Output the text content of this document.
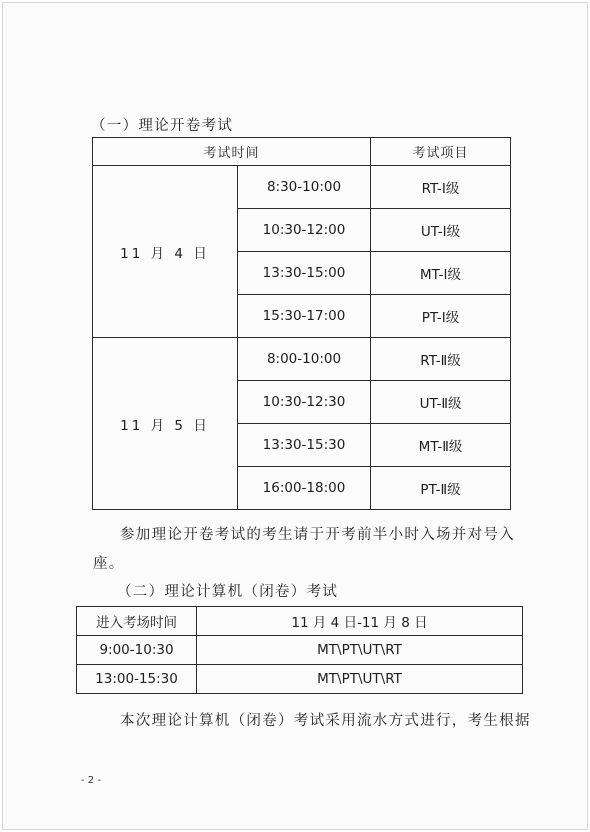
（一）理论开卷考试
考试时间		考试项目
11 月 4 日	8:30-10:00	RT-Ⅰ级
	10:30-12:00	UT-Ⅰ级
	13:30-15:00	MT-Ⅰ级
	15:30-17:00	PT-Ⅰ级
11 月 5 日	8:00-10:00	RT-Ⅱ级
	10:30-12:30	UT-Ⅱ级
	13:30-15:30	MT-Ⅱ级
	16:00-18:00	PT-Ⅱ级
参加理论开卷考试的考生请于开考前半小时入场并对号入座。
（二）理论计算机（闭卷）考试
进入考场时间	11 月 4 日-11 月 8 日
9:00-10:30	MT\PT\UT\RT
13:00-15:30	MT\PT\UT\RT
本次理论计算机（闭卷）考试采用流水方式进行，考生根据
- 2 -
